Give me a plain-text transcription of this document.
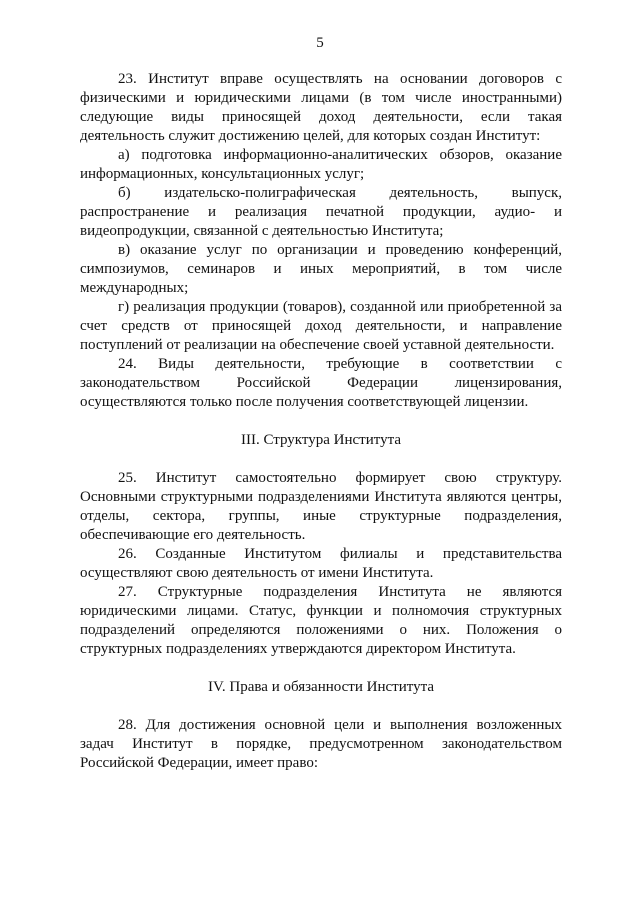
5

23. Институт вправе осуществлять на основании договоров с физическими и юридическими лицами (в том числе иностранными) следующие виды приносящей доход деятельности, если такая деятельность служит достижению целей, для которых создан Институт:

а) подготовка информационно-аналитических обзоров, оказание информационных, консультационных услуг;

б) издательско-полиграфическая деятельность, выпуск, распространение и реализация печатной продукции, аудио- и видеопродукции, связанной с деятельностью Института;

в) оказание услуг по организации и проведению конференций, симпозиумов, семинаров и иных мероприятий, в том числе международных;

г) реализация продукции (товаров), созданной или приобретенной за счет средств от приносящей доход деятельности, и направление поступлений от реализации на обеспечение своей уставной деятельности.

24. Виды деятельности, требующие в соответствии с законодательством Российской Федерации лицензирования, осуществляются только после получения соответствующей лицензии.

III. Структура Института

25. Институт самостоятельно формирует свою структуру. Основными структурными подразделениями Института являются центры, отделы, сектора, группы, иные структурные подразделения, обеспечивающие его деятельность.

26. Созданные Институтом филиалы и представительства осуществляют свою деятельность от имени Института.

27. Структурные подразделения Института не являются юридическими лицами. Статус, функции и полномочия структурных подразделений определяются положениями о них. Положения о структурных подразделениях утверждаются директором Института.

IV. Права и обязанности Института

28. Для достижения основной цели и выполнения возложенных задач Институт в порядке, предусмотренном законодательством Российской Федерации, имеет право:
